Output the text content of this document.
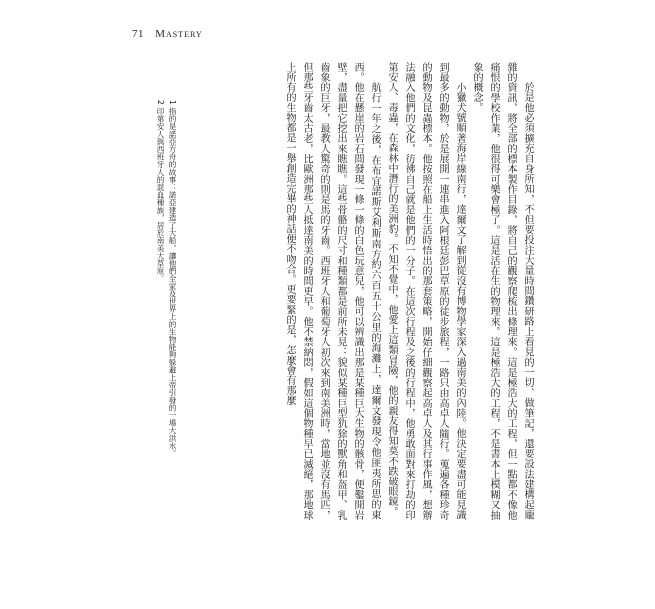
71 Mastery

於是他必須擴充自身所知，不但要投注大量時間鑽研路上看見的一切、做筆記，還要設法建構起龐雜的資訊，將全部的標本製作目錄，將自己的觀察爬梳出條理來。這是極浩大的工程，但一點都不像他痛恨的學校作業，他很得可樂會極了。這是活在生的物理來。這是極浩大的工程，不是書本上模糊又抽象的概念。

小獵犬號順著海岸線南行，達爾文了解到從沒有博物學家深入過南美的內陸。他決定要盡可能見識到最多的動物，於是展開一連串進入阿根廷彭巴草原的徒步旅程，一路只由高卓人隨行。蒐遍各種珍奇的動物及昆蟲標本。他按照在船上生活時悟出的那套策略，開始仔細觀察起高卓人及其行事作風，想辦法融入他們的文化，彷彿自己就是他們的一分子。在這次行程及之後的行程中，他勇敢面對來打劫的印第安人、毒蟲，在森林中潛行的美洲豹。不知不覺中，他愛上這類冒險，他的親友得知莫不跌破眼鏡。

航行一年之後，在布宜諾斯艾利斯南方約六百五十公里的海灘上，達爾文發現令他匪夷所思的東西。他在懸崖的岩石間發現一條一條的白色玩意兒，他可以辨識出那是某種巨大生物的骸骨，便鑿開岩壁，盡量把它挖出來瞧瞧。這些骨骼的尺寸和種類都是前所未見：貌似某種巨型犰狳的獸角和盔甲、乳齒象的巨牙，最教人驚奇的則是馬的牙齒。西班牙人和葡萄牙人初次來到南美洲時，當地並沒有馬匹，但那些牙齒太古老，比歐洲那些人抵達南美的時間更早。他不禁納悶，假如這個物種早已滅絕，那地球上所有的生物都是一舉創造完畢的神話便不吻合。更要緊的是，怎麼會有那麼

1 指的是諾亞方舟的故事：諾亞建造了大船，讓他們全家及世界上的生物能夠躲避上帝引發的一場大洪水。

2 印第安人與西班牙人的混血種族，居於南美大草原。
